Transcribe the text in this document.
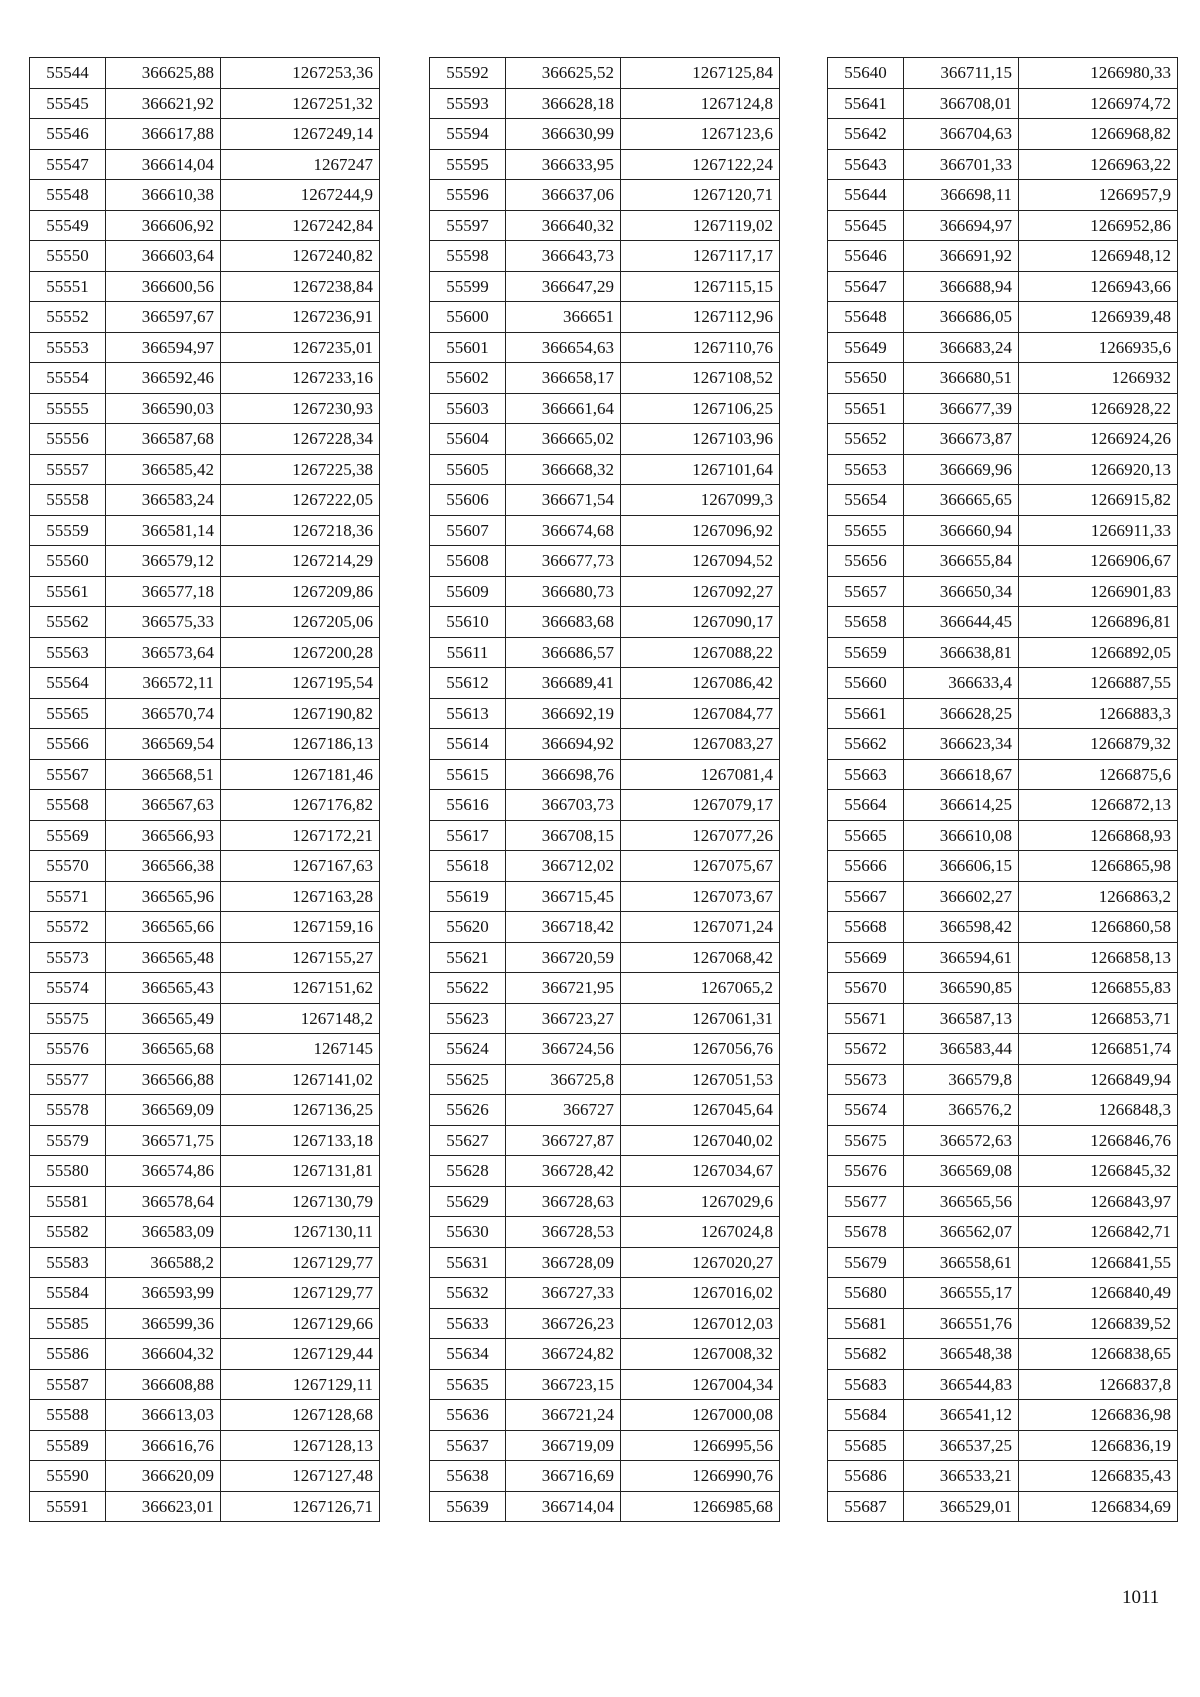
55544	366625,88	1267253,36
55545	366621,92	1267251,32
55546	366617,88	1267249,14
55547	366614,04	1267247
55548	366610,38	1267244,9
55549	366606,92	1267242,84
55550	366603,64	1267240,82
55551	366600,56	1267238,84
55552	366597,67	1267236,91
55553	366594,97	1267235,01
55554	366592,46	1267233,16
55555	366590,03	1267230,93
55556	366587,68	1267228,34
55557	366585,42	1267225,38
55558	366583,24	1267222,05
55559	366581,14	1267218,36
55560	366579,12	1267214,29
55561	366577,18	1267209,86
55562	366575,33	1267205,06
55563	366573,64	1267200,28
55564	366572,11	1267195,54
55565	366570,74	1267190,82
55566	366569,54	1267186,13
55567	366568,51	1267181,46
55568	366567,63	1267176,82
55569	366566,93	1267172,21
55570	366566,38	1267167,63
55571	366565,96	1267163,28
55572	366565,66	1267159,16
55573	366565,48	1267155,27
55574	366565,43	1267151,62
55575	366565,49	1267148,2
55576	366565,68	1267145
55577	366566,88	1267141,02
55578	366569,09	1267136,25
55579	366571,75	1267133,18
55580	366574,86	1267131,81
55581	366578,64	1267130,79
55582	366583,09	1267130,11
55583	366588,2	1267129,77
55584	366593,99	1267129,77
55585	366599,36	1267129,66
55586	366604,32	1267129,44
55587	366608,88	1267129,11
55588	366613,03	1267128,68
55589	366616,76	1267128,13
55590	366620,09	1267127,48
55591	366623,01	1267126,71
55592	366625,52	1267125,84
55593	366628,18	1267124,8
55594	366630,99	1267123,6
55595	366633,95	1267122,24
55596	366637,06	1267120,71
55597	366640,32	1267119,02
55598	366643,73	1267117,17
55599	366647,29	1267115,15
55600	366651	1267112,96
55601	366654,63	1267110,76
55602	366658,17	1267108,52
55603	366661,64	1267106,25
55604	366665,02	1267103,96
55605	366668,32	1267101,64
55606	366671,54	1267099,3
55607	366674,68	1267096,92
55608	366677,73	1267094,52
55609	366680,73	1267092,27
55610	366683,68	1267090,17
55611	366686,57	1267088,22
55612	366689,41	1267086,42
55613	366692,19	1267084,77
55614	366694,92	1267083,27
55615	366698,76	1267081,4
55616	366703,73	1267079,17
55617	366708,15	1267077,26
55618	366712,02	1267075,67
55619	366715,45	1267073,67
55620	366718,42	1267071,24
55621	366720,59	1267068,42
55622	366721,95	1267065,2
55623	366723,27	1267061,31
55624	366724,56	1267056,76
55625	366725,8	1267051,53
55626	366727	1267045,64
55627	366727,87	1267040,02
55628	366728,42	1267034,67
55629	366728,63	1267029,6
55630	366728,53	1267024,8
55631	366728,09	1267020,27
55632	366727,33	1267016,02
55633	366726,23	1267012,03
55634	366724,82	1267008,32
55635	366723,15	1267004,34
55636	366721,24	1267000,08
55637	366719,09	1266995,56
55638	366716,69	1266990,76
55639	366714,04	1266985,68
55640	366711,15	1266980,33
55641	366708,01	1266974,72
55642	366704,63	1266968,82
55643	366701,33	1266963,22
55644	366698,11	1266957,9
55645	366694,97	1266952,86
55646	366691,92	1266948,12
55647	366688,94	1266943,66
55648	366686,05	1266939,48
55649	366683,24	1266935,6
55650	366680,51	1266932
55651	366677,39	1266928,22
55652	366673,87	1266924,26
55653	366669,96	1266920,13
55654	366665,65	1266915,82
55655	366660,94	1266911,33
55656	366655,84	1266906,67
55657	366650,34	1266901,83
55658	366644,45	1266896,81
55659	366638,81	1266892,05
55660	366633,4	1266887,55
55661	366628,25	1266883,3
55662	366623,34	1266879,32
55663	366618,67	1266875,6
55664	366614,25	1266872,13
55665	366610,08	1266868,93
55666	366606,15	1266865,98
55667	366602,27	1266863,2
55668	366598,42	1266860,58
55669	366594,61	1266858,13
55670	366590,85	1266855,83
55671	366587,13	1266853,71
55672	366583,44	1266851,74
55673	366579,8	1266849,94
55674	366576,2	1266848,3
55675	366572,63	1266846,76
55676	366569,08	1266845,32
55677	366565,56	1266843,97
55678	366562,07	1266842,71
55679	366558,61	1266841,55
55680	366555,17	1266840,49
55681	366551,76	1266839,52
55682	366548,38	1266838,65
55683	366544,83	1266837,8
55684	366541,12	1266836,98
55685	366537,25	1266836,19
55686	366533,21	1266835,43
55687	366529,01	1266834,69
1011
